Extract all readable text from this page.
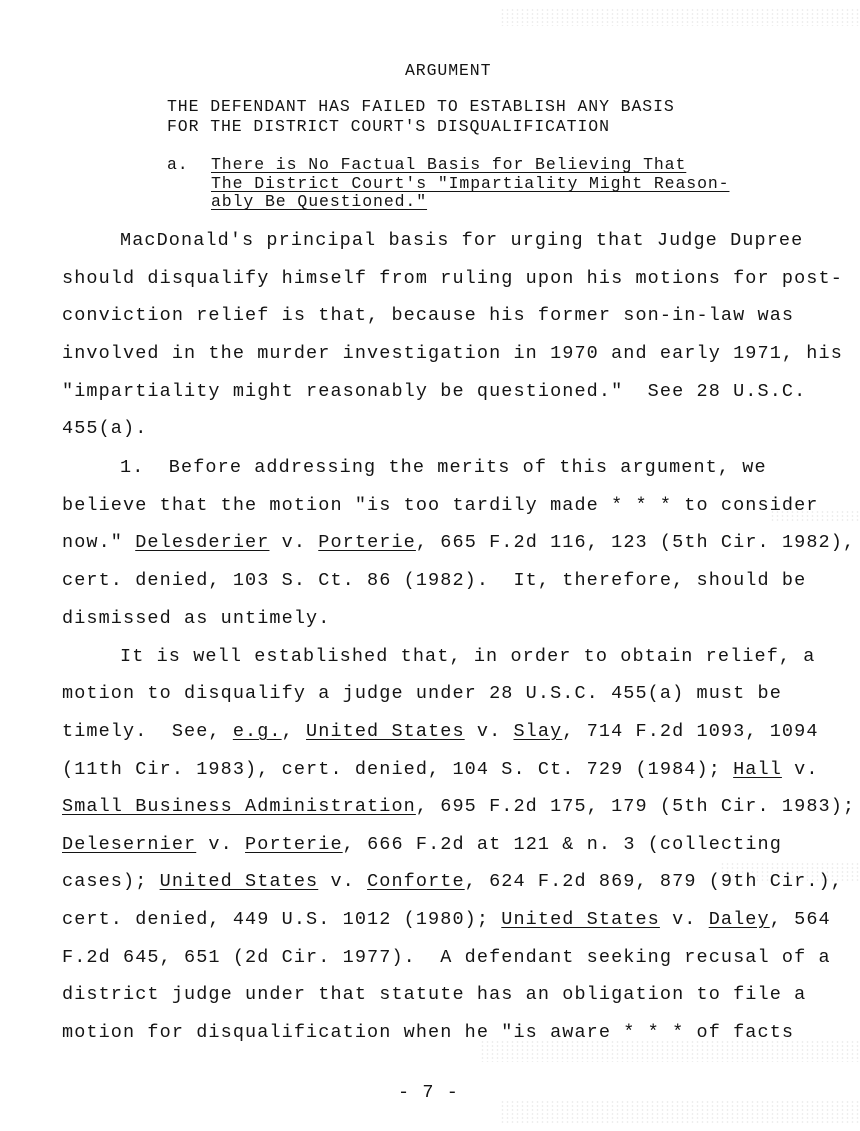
ARGUMENT
THE DEFENDANT HAS FAILED TO ESTABLISH ANY BASIS
FOR THE DISTRICT COURT'S DISQUALIFICATION
a. There is No Factual Basis for Believing That
The District Court's "Impartiality Might Reason-
ably Be Questioned."
MacDonald's principal basis for urging that Judge Dupree
should disqualify himself from ruling upon his motions for post-
conviction relief is that, because his former son-in-law was
involved in the murder investigation in 1970 and early 1971, his
"impartiality might reasonably be questioned."  See 28 U.S.C.
455(a).
1.  Before addressing the merits of this argument, we
believe that the motion "is too tardily made * * * to consider
now." Delesderier v. Porterie, 665 F.2d 116, 123 (5th Cir. 1982),
cert. denied, 103 S. Ct. 86 (1982).  It, therefore, should be
dismissed as untimely.
It is well established that, in order to obtain relief, a
motion to disqualify a judge under 28 U.S.C. 455(a) must be
timely.  See, e.g., United States v. Slay, 714 F.2d 1093, 1094
(11th Cir. 1983), cert. denied, 104 S. Ct. 729 (1984); Hall v.
Small Business Administration, 695 F.2d 175, 179 (5th Cir. 1983);
Delesernier v. Porterie, 666 F.2d at 121 & n. 3 (collecting
cases); United States v. Conforte, 624 F.2d 869, 879 (9th Cir.),
cert. denied, 449 U.S. 1012 (1980); United States v. Daley, 564
F.2d 645, 651 (2d Cir. 1977).  A defendant seeking recusal of a
district judge under that statute has an obligation to file a
motion for disqualification when he "is aware * * * of facts
- 7 -
